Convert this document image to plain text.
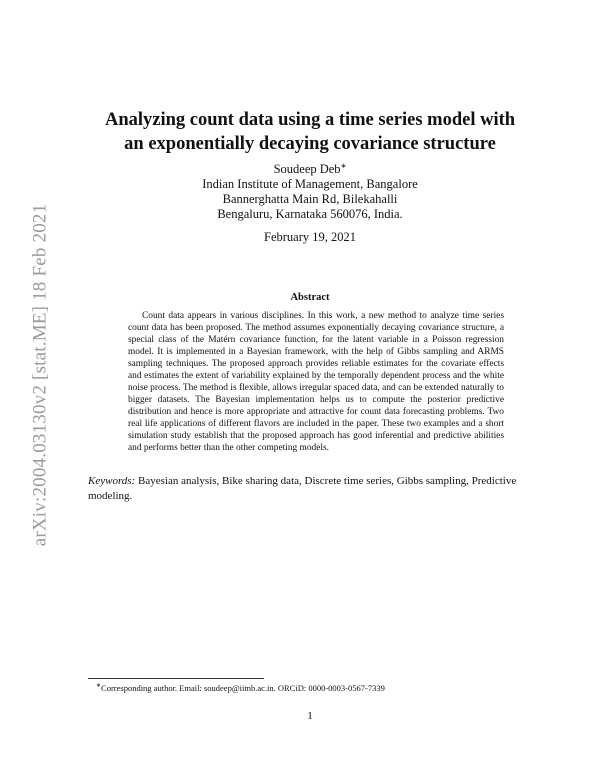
arXiv:2004.03130v2 [stat.ME] 18 Feb 2021
Analyzing count data using a time series model with
an exponentially decaying covariance structure
Soudeep Deb∗
Indian Institute of Management, Bangalore
Bannerghatta Main Rd, Bilekahalli
Bengaluru, Karnataka 560076, India.
February 19, 2021
Abstract

Count data appears in various disciplines. In this work, a new method to analyze time series count data has been proposed. The method assumes exponentially decaying covariance structure, a special class of the Matérn covariance function, for the latent variable in a Poisson regression model. It is implemented in a Bayesian framework, with the help of Gibbs sampling and ARMS sampling techniques. The proposed approach provides reliable estimates for the covariate effects and estimates the extent of variability explained by the temporally dependent process and the white noise process. The method is flexible, allows irregular spaced data, and can be extended naturally to bigger datasets. The Bayesian implementation helps us to compute the posterior predictive distribution and hence is more appropriate and attractive for count data forecasting problems. Two real life applications of different flavors are included in the paper. These two examples and a short simulation study establish that the proposed approach has good inferential and predictive abilities and performs better than the other competing models.

Keywords: Bayesian analysis, Bike sharing data, Discrete time series, Gibbs sampling, Predictive modeling.

∗Corresponding author. Email: soudeep@iimb.ac.in. ORCiD: 0000-0003-0567-7339
1
